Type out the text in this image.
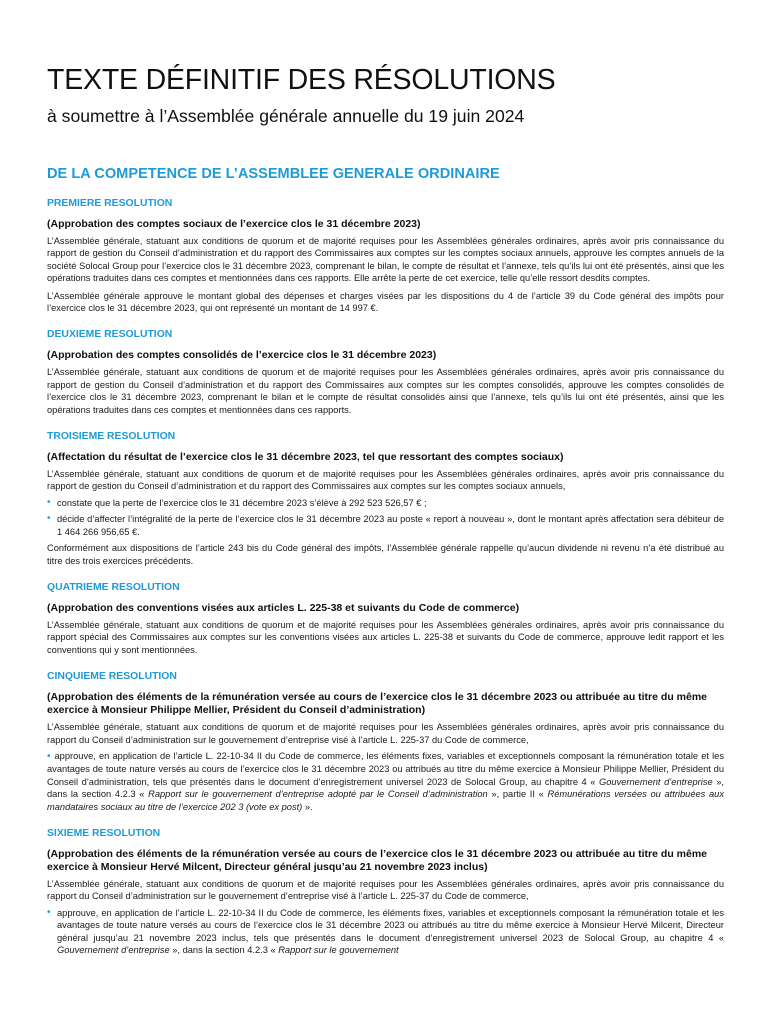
TEXTE DÉFINITIF DES RÉSOLUTIONS

à soumettre à l’Assemblée générale annuelle du 19 juin 2024

DE LA COMPETENCE DE L’ASSEMBLEE GENERALE ORDINAIRE
PREMIERE RESOLUTION
(Approbation des comptes sociaux de l’exercice clos le 31 décembre 2023)

L’Assemblée générale, statuant aux conditions de quorum et de majorité requises pour les Assemblées générales ordinaires, après avoir pris connaissance du rapport de gestion du Conseil d’administration et du rapport des Commissaires aux comptes sur les comptes sociaux annuels, approuve les comptes annuels de la société Solocal Group pour l’exercice clos le 31 décembre 2023, comprenant le bilan, le compte de résultat et l’annexe, tels qu’ils lui ont été présentés, ainsi que les opérations traduites dans ces comptes et mentionnées dans ces rapports. Elle arrête la perte de cet exercice, telle qu’elle ressort desdits comptes.

L’Assemblée générale approuve le montant global des dépenses et charges visées par les dispositions du 4 de l’article 39 du Code général des impôts pour l’exercice clos le 31 décembre 2023, qui ont représenté un montant de 14 997 €.

DEUXIEME RESOLUTION
(Approbation des comptes consolidés de l’exercice clos le 31 décembre 2023)

L’Assemblée générale, statuant aux conditions de quorum et de majorité requises pour les Assemblées générales ordinaires, après avoir pris connaissance du rapport de gestion du Conseil d’administration et du rapport des Commissaires aux comptes sur les comptes consolidés, approuve les comptes consolidés de l’exercice clos le 31 décembre 2023, comprenant le bilan et le compte de résultat consolidés ainsi que l’annexe, tels qu’ils lui ont été présentés, ainsi que les opérations traduites dans ces comptes et mentionnées dans ces rapports.

TROISIEME RESOLUTION
(Affectation du résultat de l’exercice clos le 31 décembre 2023, tel que ressortant des comptes sociaux)

L’Assemblée générale, statuant aux conditions de quorum et de majorité requises pour les Assemblées générales ordinaires, après avoir pris connaissance du rapport de gestion du Conseil d’administration et du rapport des Commissaires aux comptes sur les comptes sociaux annuels,

• constate que la perte de l’exercice clos le 31 décembre 2023 s’élève à 292 523 526,57 € ;
• décide d’affecter l’intégralité de la perte de l’exercice clos le 31 décembre 2023 au poste « report à nouveau », dont le montant après affectation sera débiteur de 1 464 266 956,65 €.

Conformément aux dispositions de l’article 243 bis du Code général des impôts, l’Assemblée générale rappelle qu’aucun dividende ni revenu n’a été distribué au titre des trois exercices précédents.

QUATRIEME RESOLUTION
(Approbation des conventions visées aux articles L. 225-38 et suivants du Code de commerce)

L’Assemblée générale, statuant aux conditions de quorum et de majorité requises pour les Assemblées générales ordinaires, après avoir pris connaissance du rapport spécial des Commissaires aux comptes sur les conventions visées aux articles L. 225-38 et suivants du Code de commerce, approuve ledit rapport et les conventions qui y sont mentionnées.

CINQUIEME RESOLUTION
(Approbation des éléments de la rémunération versée au cours de l’exercice clos le 31 décembre 2023 ou attribuée au titre du même exercice à Monsieur Philippe Mellier, Président du Conseil d’administration)

L’Assemblée générale, statuant aux conditions de quorum et de majorité requises pour les Assemblées générales ordinaires, après avoir pris connaissance du rapport du Conseil d’administration sur le gouvernement d’entreprise visé à l’article L. 225-37 du Code de commerce,

• approuve, en application de l’article L. 22-10-34 II du Code de commerce, les éléments fixes, variables et exceptionnels composant la rémunération totale et les avantages de toute nature versés au cours de l’exercice clos le 31 décembre 2023 ou attribués au titre du même exercice à Monsieur Philippe Mellier, Président du Conseil d’administration, tels que présentés dans le document d’enregistrement universel 2023 de Solocal Group, au chapitre 4 « Gouvernement d’entreprise », dans la section 4.2.3 « Rapport sur le gouvernement d’entreprise adopté par le Conseil d’administration », partie II « Rémunérations versées ou attribuées aux mandataires sociaux au titre de l’exercice 202 3 (vote ex post) ».
SIXIEME RESOLUTION
(Approbation des éléments de la rémunération versée au cours de l’exercice clos le 31 décembre 2023 ou attribuée au titre du même exercice à Monsieur Hervé Milcent, Directeur général jusqu’au 21 novembre 2023 inclus)

L’Assemblée générale, statuant aux conditions de quorum et de majorité requises pour les Assemblées générales ordinaires, après avoir pris connaissance du rapport du Conseil d’administration sur le gouvernement d’entreprise visé à l’article L. 225-37 du Code de commerce,

• approuve, en application de l’article L. 22-10-34 II du Code de commerce, les éléments fixes, variables et exceptionnels composant la rémunération totale et les avantages de toute nature versés au cours de l’exercice clos le 31 décembre 2023 ou attribués au titre du même exercice à Monsieur Hervé Milcent, Directeur général jusqu’au 21 novembre 2023 inclus, tels que présentés dans le document d’enregistrement universel 2023 de Solocal Group, au chapitre 4 « Gouvernement d’entreprise », dans la section 4.2.3 « Rapport sur le gouvernement
